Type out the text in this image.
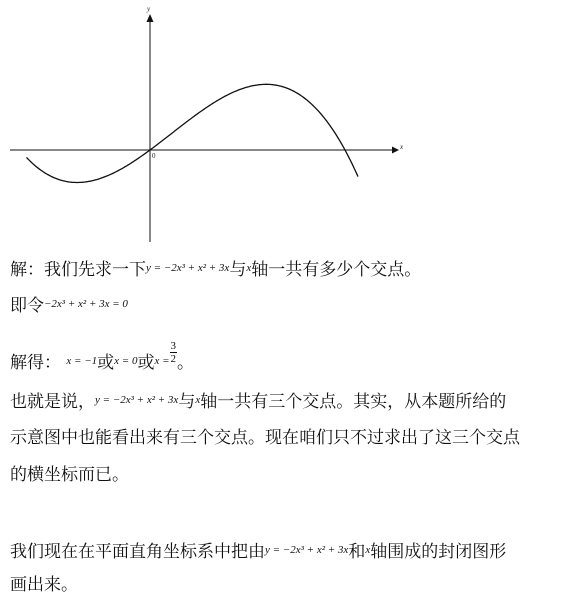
x
y
0
解：我们先求一下$^{y = -2x^3 + x^2 + 3x}$与$^x$轴一共有多少个交点。
即令$^{-2x^3 + x^2 + 3x = 0}$
解得： $^{x = -1}$或$^{x = 0}$或$^{x =} \frac{3}{2}$ 。
也就是说，$^{y = -2x^3 + x^2 + 3x}$与$^x$轴一共有三个交点。其实，从本题所给的
示意图中也能看出来有三个交点。现在咱们只不过求出了这三个交点
的横坐标而已。
我们现在在平面直角坐标系中把由$^{y = -2x^3 + x^2 + 3x}$和$^x$轴围成的封闭图形
画出来。
